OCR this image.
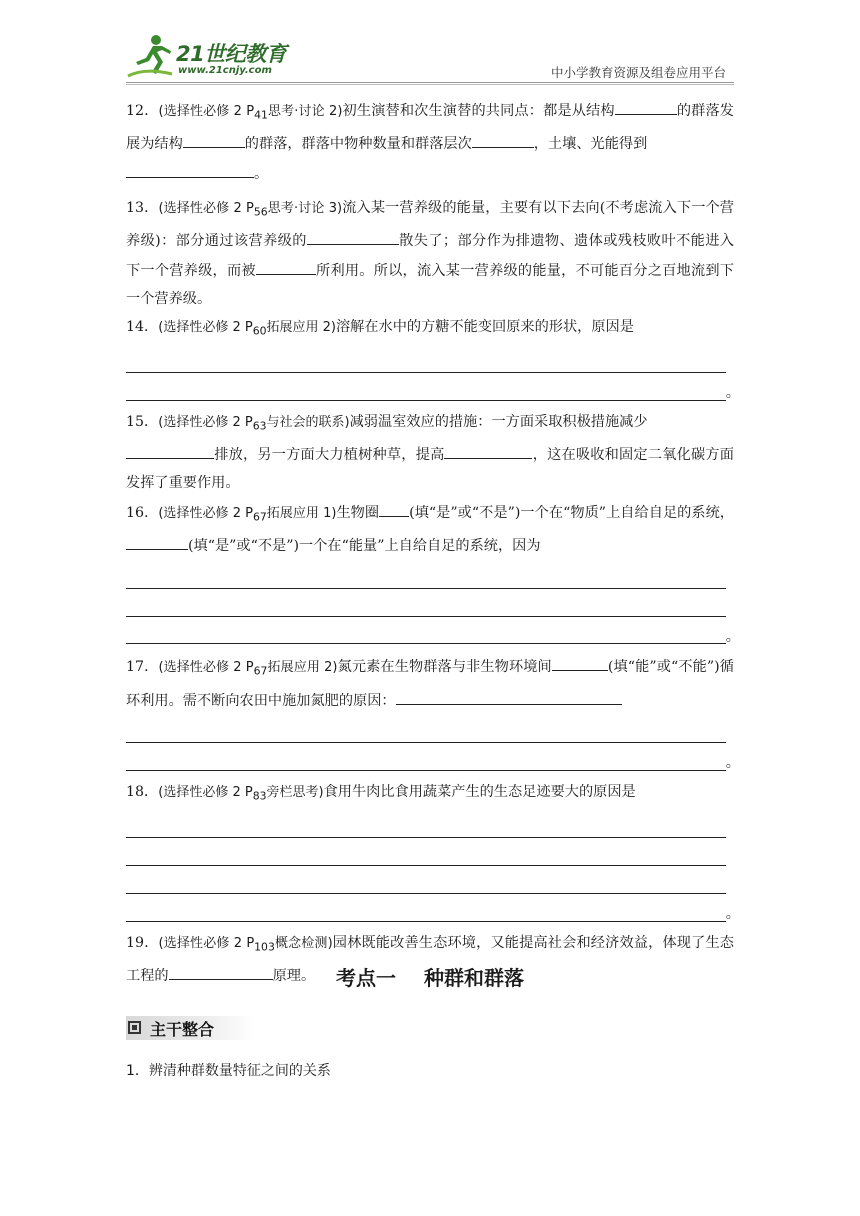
21世纪教育
www.21cnjy.com	中小学教育资源及组卷应用平台

12．(选择性必修 2 $P_{41}$思考·讨论 2)初生演替和次生演替的共同点：都是从结构	的群落发展为结构	的群落，群落中物种数量和群落层次	，土壤、光能得到
。

13．(选择性必修 2 $P_{56}$思考·讨论 3)流入某一营养级的能量，主要有以下去向(不考虑流入下一个营养级)：部分通过该营养级的	散失了；部分作为排遗物、遗体或残枝败叶不能进入下一个营养级，而被	所利用。所以，流入某一营养级的能量，不可能百分之百地流到下一个营养级。

14．(选择性必修 2 $P_{60}$拓展应用 2)溶解在水中的方糖不能变回原来的形状，原因是

。

15．(选择性必修 2 $P_{63}$与社会的联系)减弱温室效应的措施：一方面采取积极措施减少
排放，另一方面大力植树种草，提高	，这在吸收和固定二氧化碳方面发挥了重要作用。

16．(选择性必修 2 $P_{67}$拓展应用 1)生物圈 (填“是”或“不是”)一个在“物质”上自给自足的系统，(填“是”或“不是”)一个在“能量”上自给自足的系统，因为

。

17．(选择性必修 2 $P_{67}$拓展应用 2)氮元素在生物群落与非生物环境间	(填“能”或“不能”)循环利用。需不断向农田中施加氮肥的原因：

。

18．(选择性必修 2 $P_{83}$旁栏思考)食用牛肉比食用蔬菜产生的生态足迹要大的原因是

。

19．(选择性必修 2 $P_{103}$概念检测)园林既能改善生态环境，又能提高社会和经济效益，体现了生态工程的	原理。	考点一 种群和群落
主干整合
1．辨清种群数量特征之间的关系
